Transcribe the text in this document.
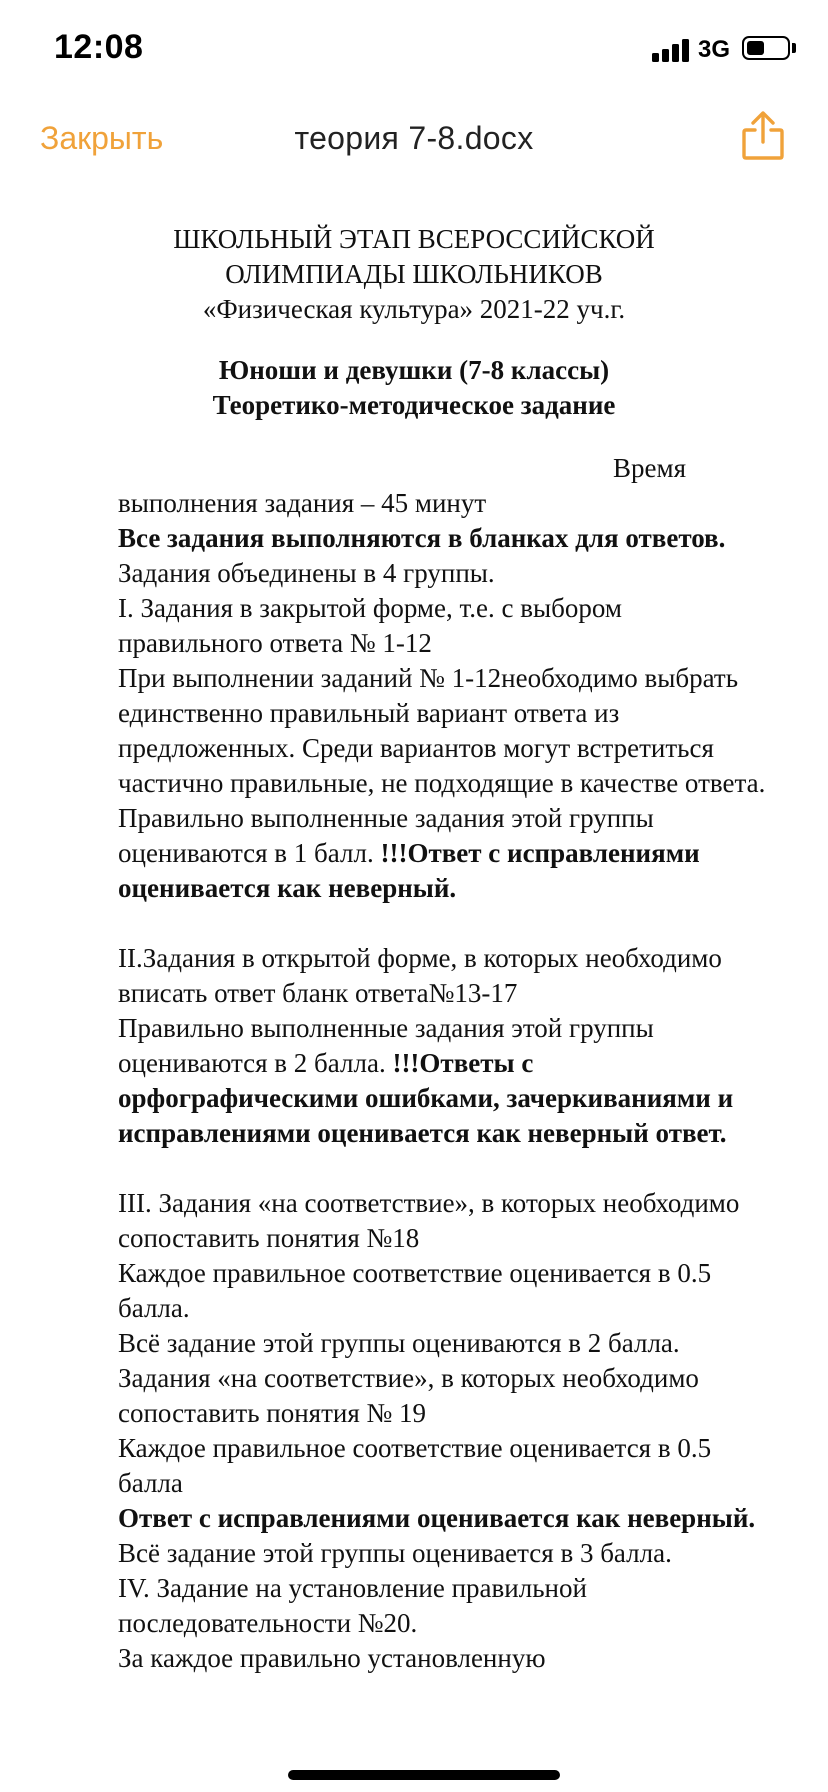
12:08	3G
теория 7-8.docx
Закрыть
ШКОЛЬНЫЙ ЭТАП ВСЕРОССИЙСКОЙ
ОЛИМПИАДЫ ШКОЛЬНИКОВ
«Физическая культура» 2021-22 уч.г.
Юноши и девушки (7-8 классы)
Теоретико-методическое задание
Время

выполнения задания – 45 минут

Все задания выполняются в бланках для ответов.

Задания объединены в 4 группы.

I. Задания в закрытой форме, т.е. с выбором правильного ответа № 1-12

При выполнении заданий № 1-12необходимо выбрать единственно правильный вариант ответа из предложенных. Среди вариантов могут встретиться частично правильные, не подходящие в качестве ответа.

Правильно выполненные задания этой группы оцениваются в 1 балл. !!!Ответ с исправлениями оценивается как неверный.

II.Задания в открытой форме, в которых необходимо вписать ответ бланк ответа№13-17

Правильно выполненные задания этой группы оцениваются в 2 балла. !!!Ответы с орфографическими ошибками, зачеркиваниями и исправлениями оценивается как неверный ответ.

III. Задания «на соответствие», в которых необходимо сопоставить понятия №18

Каждое правильное соответствие оценивается в 0.5 балла.

Всё задание этой группы оцениваются в 2 балла.

Задания «на соответствие», в которых необходимо сопоставить понятия № 19

Каждое правильное соответствие оценивается в 0.5 балла

Ответ с исправлениями оценивается как неверный.

Всё задание этой группы оценивается в 3 балла.

IV. Задание на установление правильной последовательности №20.

За каждое правильно установленную
